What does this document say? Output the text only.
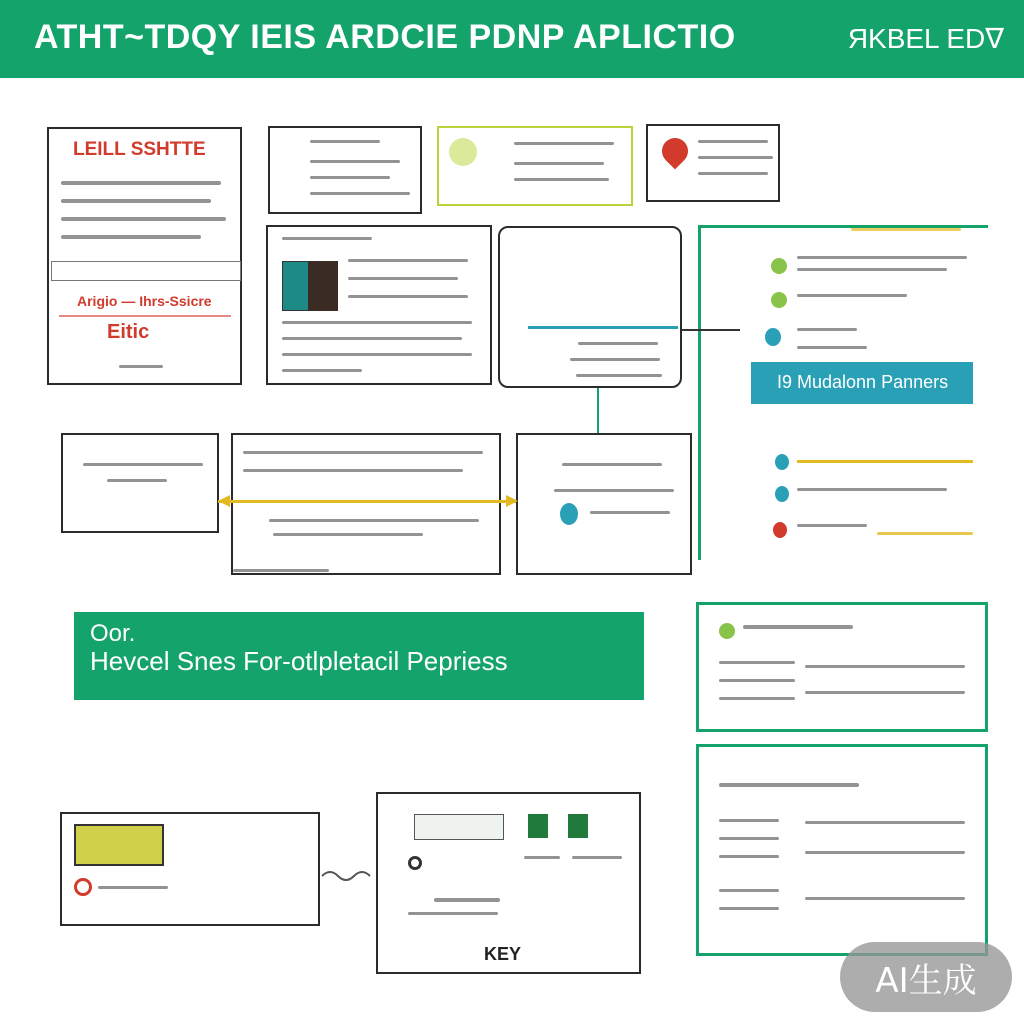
ATHT~TDQY IEIS ARDCIE PDNP APLICTIO	ЯKBEL ED∇
LEILL SSHTTE
Arigio — Ihrs-Ssicre
Eitic
I9 Mudalonn Panners
Oor.
Hevcel Snes For-otlpletacil Pepriess
KEY
AI生成
